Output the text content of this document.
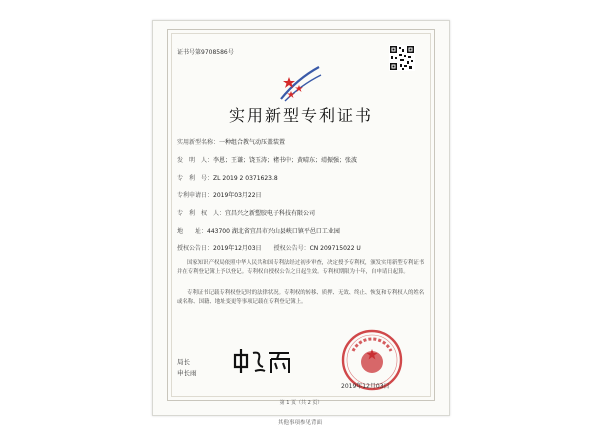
证书号第9708586号
实用新型专利证书
实用新型名称：一种组合教气动压盖装置
发　明　人：李恩；王谦；饶玉涛；褚书中；黄晴东；靖振强；张波
专　利　号：ZL 2019 2 0371623.8
专利申请日：2019年03月22日
专　利　权　人：宜昌兴之新塑胶电子科技有限公司
地　　址：443700 湖北省宜昌市兴山县峡口镇平邑口工业园
授权公告日：2019年12月03日 授权公告号：CN 209715022 U
国家知识产权局依照中华人民共和国专利法经过初步审查，决定授予专利权，颁发实用新型专利证书并在专利登记簿上予以登记。专利权自授权公告之日起生效。专利权期限为十年，自申请日起算。
专利证书记载专利权登记时的法律状况。专利权的转移、质押、无效、终止、恢复和专利权人的姓名或名称、国籍、地址变更等事项记载在专利登记簿上。
局长
申长雨
2019年12月03日
第 1 页（共 2 页）
其他事项参见背面
